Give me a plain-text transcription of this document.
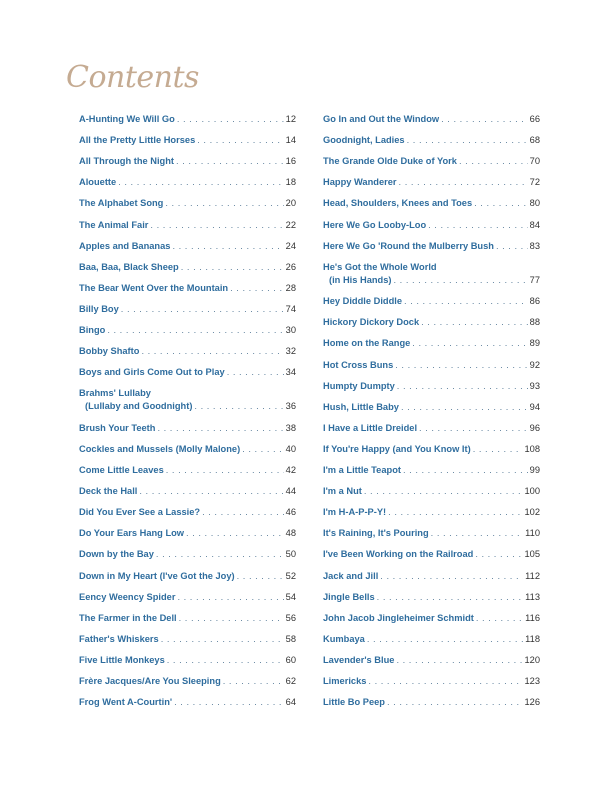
Contents
A-Hunting We Will Go . . .	12
All the Pretty Little Horses . . .	14
All Through the Night . . .	16
Alouette . . .	18
The Alphabet Song . . .	20
The Animal Fair . . .	22
Apples and Bananas . . .	24
Baa, Baa, Black Sheep . . .	26
The Bear Went Over the Mountain . . .	28
Billy Boy . . .	74
Bingo . . .	30
Bobby Shafto . . .	32
Boys and Girls Come Out to Play . . .	34
Brahms' Lullaby
(Lullaby and Goodnight) . . .	36
Brush Your Teeth . . .	38
Cockles and Mussels (Molly Malone) . . .	40
Come Little Leaves . . .	42
Deck the Hall . . .	44
Did You Ever See a Lassie? . . .	46
Do Your Ears Hang Low . . .	48
Down by the Bay . . .	50
Down in My Heart (I've Got the Joy) . . .	52
Eency Weency Spider . . .	54
The Farmer in the Dell . . .	56
Father's Whiskers . . .	58
Five Little Monkeys . . .	60
Frère Jacques/Are You Sleeping . . .	62
Frog Went A-Courtin' . . .	64
Go In and Out the Window . . .	66
Goodnight, Ladies . . .	68
The Grande Olde Duke of York . . .	70
Happy Wanderer . . .	72
Head, Shoulders, Knees and Toes . . .	80
Here We Go Looby-Loo . . .	84
Here We Go 'Round the Mulberry Bush . . .	83
He's Got the Whole World
(in His Hands) . . .	77
Hey Diddle Diddle . . .	86
Hickory Dickory Dock . . .	88
Home on the Range . . .	89
Hot Cross Buns . . .	92
Humpty Dumpty . . .	93
Hush, Little Baby . . .	94
I Have a Little Dreidel . . .	96
If You're Happy (and You Know It) . . .	108
I'm a Little Teapot . . .	99
I'm a Nut . . .	100
I'm H-A-P-P-Y! . . .	102
It's Raining, It's Pouring . . .	110
I've Been Working on the Railroad . . .	105
Jack and Jill . . .	112
Jingle Bells . . .	113
John Jacob Jingleheimer Schmidt . . .	116
Kumbaya . . .	118
Lavender's Blue . . .	120
Limericks . . .	123
Little Bo Peep . . .	126
